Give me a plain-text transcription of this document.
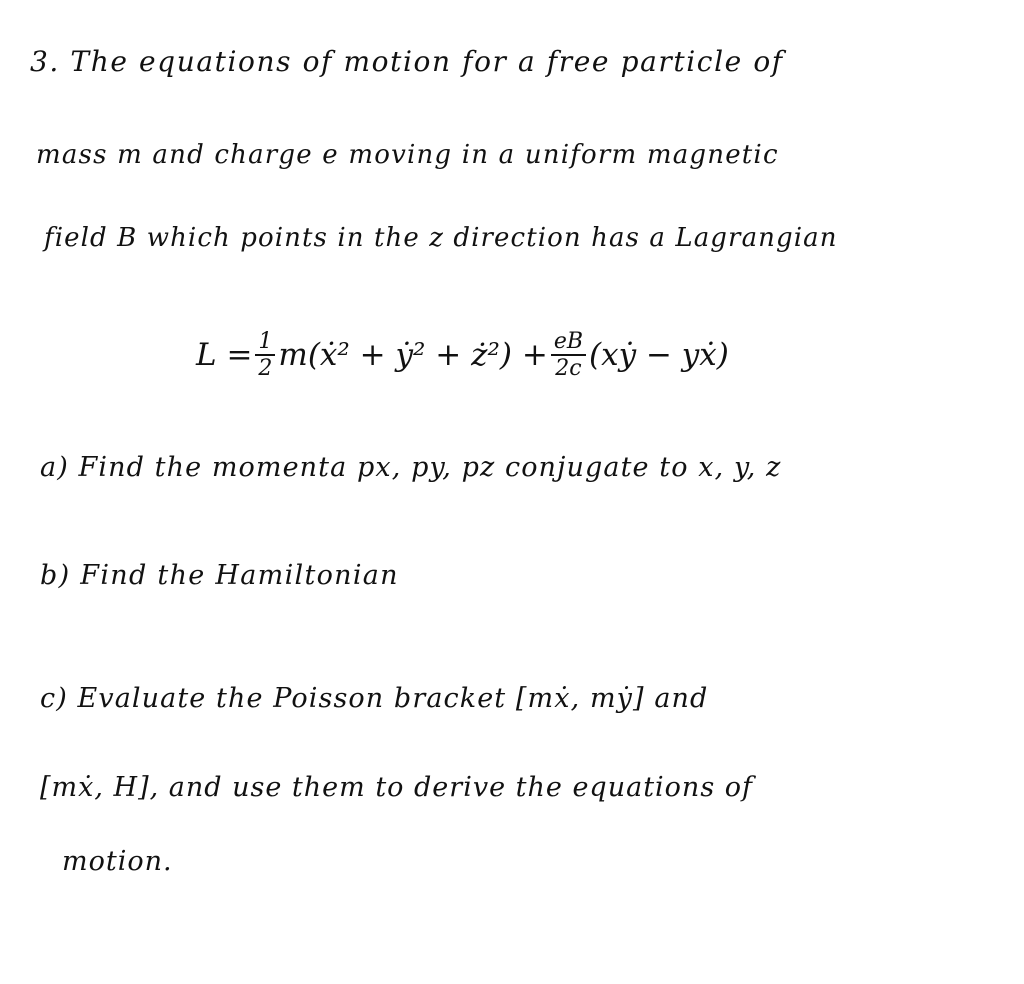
3. The equations of motion for a free particle of
mass m and charge e moving in a uniform magnetic
field B which points in the z direction has a Lagrangian
$L = \frac{1}{2}$ m(ẋ² + ẏ² + ż²) + $\frac{eB}{2c}$ (xẏ − yẋ)
a) Find the momenta px, py, pz conjugate to x, y, z
b) Find the Hamiltonian
c) Evaluate the Poisson bracket [mẋ, mẏ] and
[mẋ, H], and use them to derive the equations of
motion.
